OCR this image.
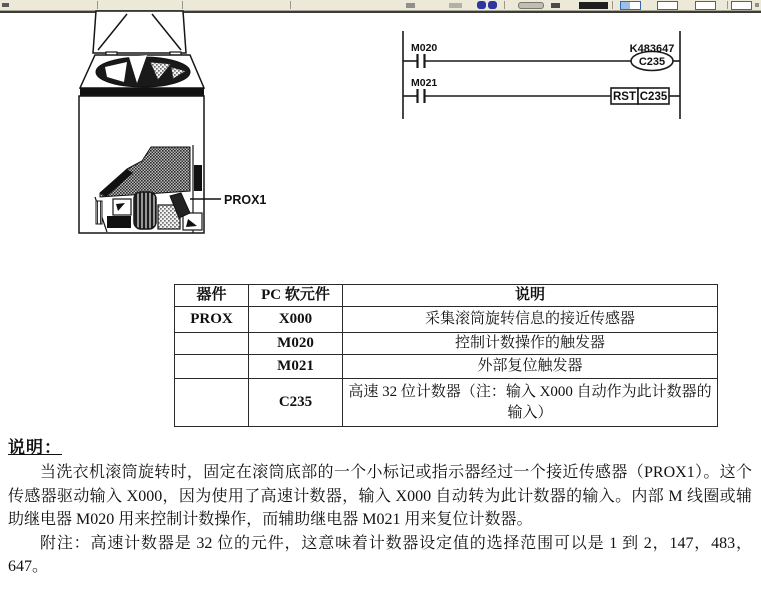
PROX1
M020	K483647
C235
M021
RST C235
器件	PC 软元件	说明
PROX	X000	采集滚筒旋转信息的接近传感器
	M020	控制计数操作的触发器
	M021	外部复位触发器
	C235	高速 32 位计数器（注：输入 X000 自动作为此计数器的输入）
说明：

当洗衣机滚筒旋转时，固定在滚筒底部的一个小标记或指示器经过一个接近传感器（PROX1）。这个传感器驱动输入 X000，因为使用了高速计数器，输入 X000 自动转为此计数器的输入。内部 M 线圈或辅助继电器 M020 用来控制计数操作，而辅助继电器 M021 用来复位计数器。

附注：高速计数器是 32 位的元件，这意味着计数器设定值的选择范围可以是 1 到 2，147，483，647。
